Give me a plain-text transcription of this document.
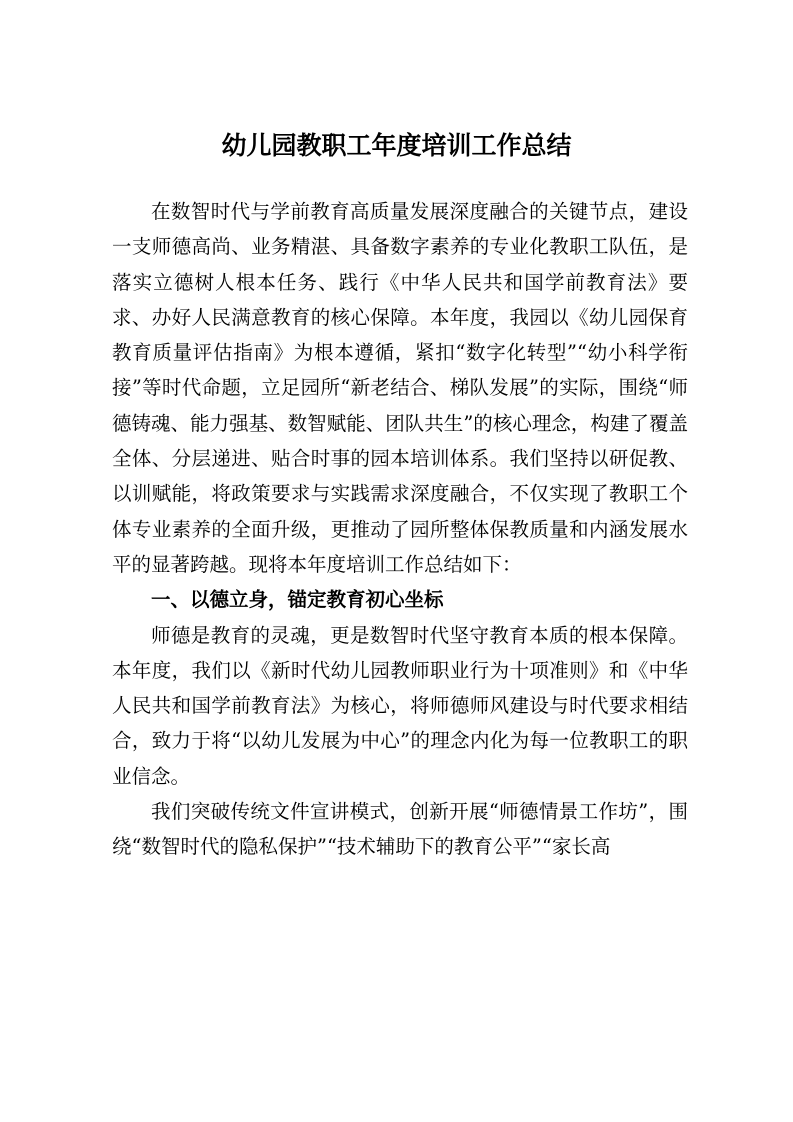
幼儿园教职工年度培训工作总结

在数智时代与学前教育高质量发展深度融合的关键节点，建设一支师德高尚、业务精湛、具备数字素养的专业化教职工队伍，是落实立德树人根本任务、践行《中华人民共和国学前教育法》要求、办好人民满意教育的核心保障。本年度，我园以《幼儿园保育教育质量评估指南》为根本遵循，紧扣“数字化转型”“幼小科学衔接”等时代命题，立足园所“新老结合、梯队发展”的实际，围绕“师德铸魂、能力强基、数智赋能、团队共生”的核心理念，构建了覆盖全体、分层递进、贴合时事的园本培训体系。我们坚持以研促教、以训赋能，将政策要求与实践需求深度融合，不仅实现了教职工个体专业素养的全面升级，更推动了园所整体保教质量和内涵发展水平的显著跨越。现将本年度培训工作总结如下：

一、以德立身，锚定教育初心坐标

师德是教育的灵魂，更是数智时代坚守教育本质的根本保障。本年度，我们以《新时代幼儿园教师职业行为十项准则》和《中华人民共和国学前教育法》为核心，将师德师风建设与时代要求相结合，致力于将“以幼儿发展为中心”的理念内化为每一位教职工的职业信念。

我们突破传统文件宣讲模式，创新开展“师德情景工作坊”，围绕“数智时代的隐私保护”“技术辅助下的教育公平”“家长高
